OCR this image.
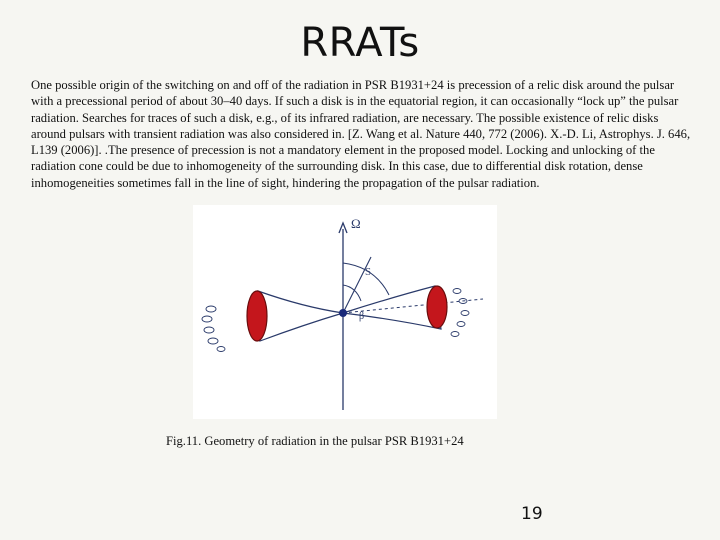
RRATs
One possible origin of the switching on and off of the radiation in PSR B1931+24 is precession of a relic disk around the pulsar with a precessional period of about 30–40 days. If such a disk is in the equatorial region, it can occasionally “lock up” the pulsar radiation. Searches for traces of such a disk, e.g., of its infrared radiation, are necessary. The possible existence of relic disks around pulsars with transient radiation was also considered in. [Z. Wang et al. Nature 440, 772 (2006). X.-D. Li, Astrophys. J. 646, L139 (2006)]. .The presence of precession is not a mandatory element in the proposed model. Locking and unlocking of the radiation cone could be due to inhomogeneity of the surrounding disk. In this case, due to differential disk rotation, dense inhomogeneities sometimes fall in the line of sight, hindering the propagation of the pulsar radiation.
Ω
S
β
Fig.11. Geometry of radiation in the pulsar PSR B1931+24
19
